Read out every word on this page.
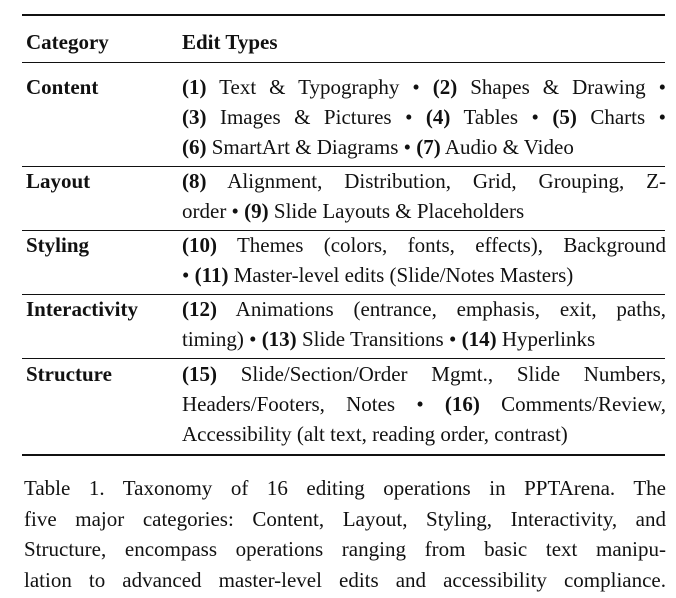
Category	Edit Types
Content	(1) Text & Typography • (2) Shapes & Drawing •
(3) Images & Pictures • (4) Tables • (5) Charts •
(6) SmartArt & Diagrams • (7) Audio & Video
Layout	(8) Alignment, Distribution, Grid, Grouping, Z-
order • (9) Slide Layouts & Placeholders
Styling	(10) Themes (colors, fonts, effects), Background
• (11) Master-level edits (Slide/Notes Masters)
Interactivity (12) Animations (entrance, emphasis, exit, paths,
timing) • (13) Slide Transitions • (14) Hyperlinks
Structure	(15) Slide/Section/Order Mgmt., Slide Numbers,
Headers/Footers, Notes • (16) Comments/Review,
Accessibility (alt text, reading order, contrast)
Table 1. Taxonomy of 16 editing operations in PPTArena. The
five major categories: Content, Layout, Styling, Interactivity, and
Structure, encompass operations ranging from basic text manipu-
lation to advanced master-level edits and accessibility compliance.
